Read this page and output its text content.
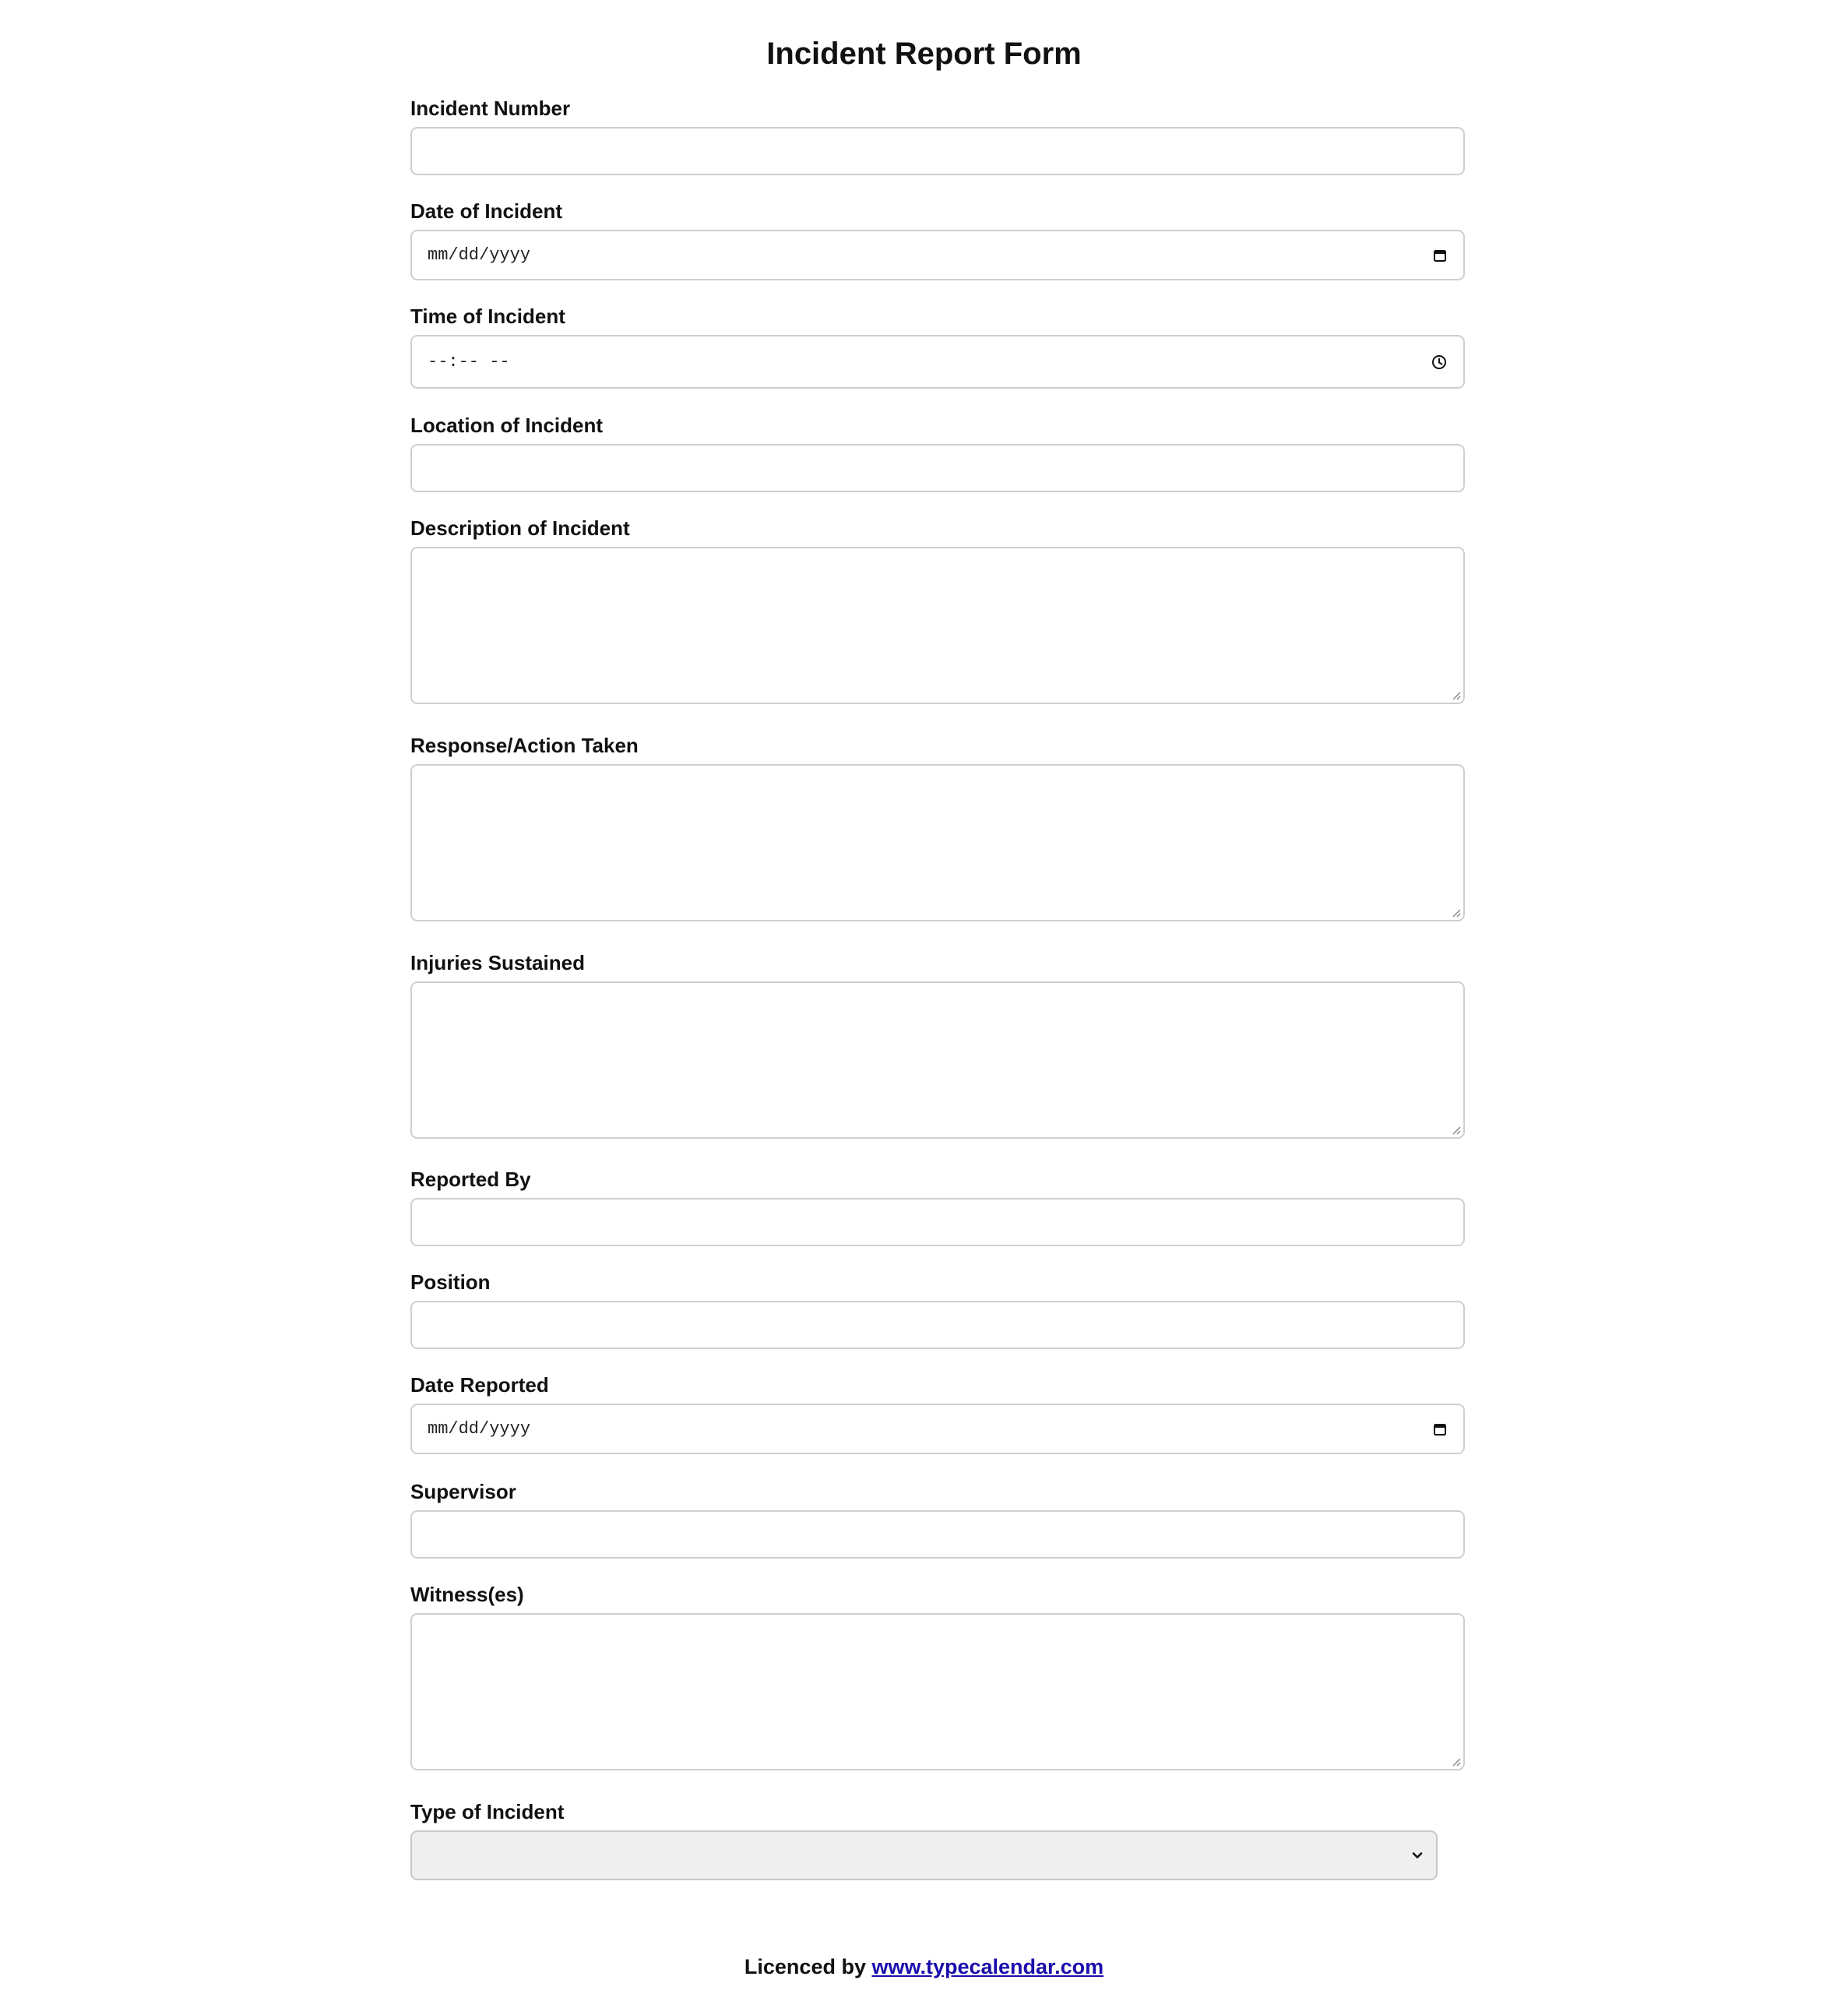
Incident Report Form
Incident Number
Date of Incident
mm/dd/yyyy
Time of Incident
--:-- --
Location of Incident
Description of Incident
Response/Action Taken
Injuries Sustained
Reported By
Position
Date Reported
mm/dd/yyyy
Supervisor
Witness(es)
Type of Incident
Licenced by www.typecalendar.com
